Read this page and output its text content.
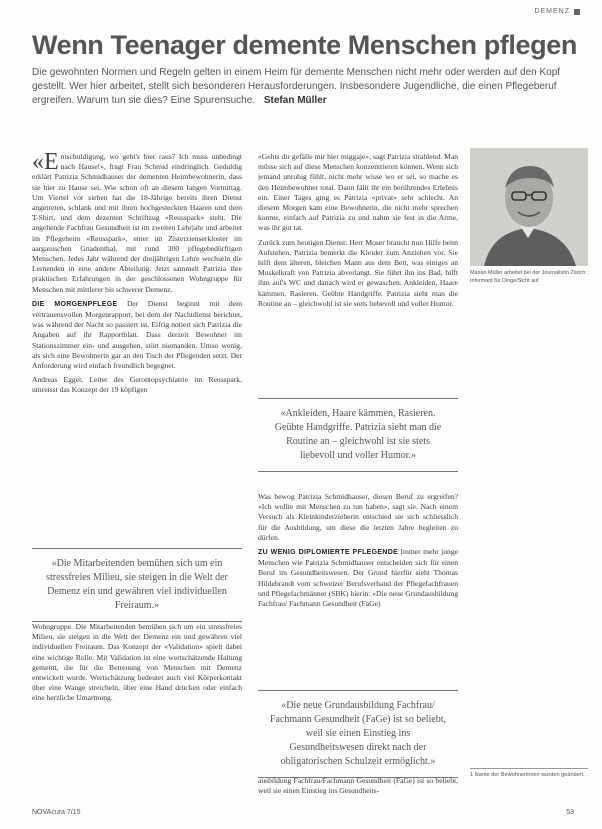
DEMENZ
Wenn Teenager demente Menschen pflegen
Die gewohnten Normen und Regeln gelten in einem Heim für demente Menschen nicht mehr oder werden auf den Kopf gestellt. Wer hier arbeitet, stellt sich besonderen Herausforderungen. Insbesondere Jugendliche, die einen Pflegeberuf ergreifen. Warum tun sie dies? Eine Spurensuche. Stefan Müller

«Entschuldigung, wo geht's hier raus? Ich muss unbedingt nach Hause!», fragt Frau Schmid eindringlich. Geduldig erklärt Patrizia Schmidhauser der dementen Heimbewohnerin, dass sie hier zu Hause sei. Wie schon oft an diesem langen Vormittag. Um Viertel vor sieben hat die 18-Jährige bereits ihren Dienst angetreten, schlank und mit ihren hochgesteckten Haaren und dem T-Shirt, und dem dezenten Schriftzug «Reusspark» steht. Die angehende Fachfrau Gesundheit ist im zweiten Lehrjahr und arbeitet im Pflegeheim «Reusspark», einer im Zisterzienserkloster im aargauischen Gnadenthal, mit rund 300 pflegebedürftigen Menschen. Jedes Jahr während der dreijährigen Lehre wechseln die Lernenden in eine andere Abteilung. Jetzt sammelt Patrizia ihre praktischen Erfahrungen in der geschlossenen Wohngruppe für Menschen mit mittlerer bis schwerer Demenz.

DIE MORGENPFLEGE Der Dienst beginnt mit dem vertrauensvollen Morgenrapport, bei dem der Nachtdienst berichtet, was während der Nacht so passiert ist. Eifrig notiert sich Patrizia die Angaben auf ihr Rapportblatt. Dass derzeit Bewohner im Stationszimmer ein- und ausgehen, stört niemanden. Umso wenig, als sich eine Bewohnerin gar an den Tisch der Pflegenden setzt. Der Anforderung wird einfach freundlich begegnet.

Andreas Egger, Leiter des Gerontopsychiatrie im Reusspark, umreisst das Konzept der 19 köpfigen

«Die Mitarbeitenden bemühen sich um ein stressfreies Milieu, sie steigen in die Welt der Demenz ein und gewähren viel individuellen Freiraum.»

Wohngruppe. Die Mitarbeitenden bemühen sich um ein stressfreies Milieu, sie steigen in die Welt der Demenz ein und gewähren viel individuellen Freiraum. Das Konzept der «Validation» spielt dabei eine wichtige Rolle. Mit Validation ist eine wertschätzende Haltung gemeint, die für die Betreuung von Menschen mit Demenz entwickelt wurde. Wertschätzung bedeutet auch viel Körperkontakt über eine Wange streicheln, über eine Hand drücken oder einfach eine herzliche Umarmung.

«Gehts dir gefälle mir hier miggaje», sagt Patrizia strahlend. Man müsse sich auf diese Menschen konzentrieren können. Wenn sich jemand unruhig fühlt, nicht mehr wisse wo er sei, so mache es den Heimbewohner total. Dann fällt ihr ein berührendes Erlebnis ein. Einer Tages ging es Patrizia «privat» sehr schlecht. An diesem Morgen kam eine Bewohnerin, die nicht mehr sprechen konnte, einfach auf Patrizia zu und nahm sie fest in die Arme, was ihr gut tat.

Zurück zum heutigen Dienst: Herr Moser braucht nun Hilfe beim Aufstehen. Patrizia bemerkt die Kleider zum Anziehen vor. Sie hilft dem älteren, bleichen Mann aus dem Bett, was einiges an Muskelkraft von Patrizia abverlangt. Sie führt ihn ins Bad, hilft ihm auf's WC und danach wird er gewaschen. Ankleiden, Haare kämmen, Rasieren. Geübte Handgriffe. Patrizia sieht man die Routine an – gleichwohl ist sie stets liebevoll und voller Humor.

«Ankleiden, Haare kämmen, Rasieren. Geübte Handgriffe. Patrizia sieht man die Routine an – gleichwohl ist sie stets liebevoll und voller Humor.»

Was bewog Patrizia Schmidhauser, diesen Beruf zu ergreifen? «Ich wollte mit Menschen zu tun haben», sagt sie. Nach einem Versuch als Kleinkinderzieherin entschied sie sich schliesslich für die Ausbildung, um diese die letzten Jahre begleiten zu dürfen.

ZU WENIG DIPLOMIERTE PFLEGENDE Immer mehr junge Menschen wie Patrizia Schmidhauser entscheiden sich für einen Beruf im Gesundheitswesen. Der Grund hierfür sieht Thomas Hildebrandt vom schweizer Berufsverband der Pflegefachfrauen und Pflegefachmänner (SBK) hierin: «Die neue Grundausbildung Fachfrau/ Fachmann Gesundheit (FaGe)

«Die neue Grundausbildung Fachfrau/ Fachmann Gesundheit (FaGe) ist so beliebt, weil sie einen Einstieg ins Gesundheitswesen direkt nach der obligatorischen Schulzeit ermöglicht.»

ausbildung Fachfrau/Fachmann Gesundheit (FaGe) ist so beliebt, weil sie einen Einstieg ins Gesundheits-

Marian Müller arbeitet bei der Journalistin Zürich. Informant für Dinge/Sicht auf
1 Name der Bewohnerinnen wurden geändert.
NOVAcura 7/15	53
